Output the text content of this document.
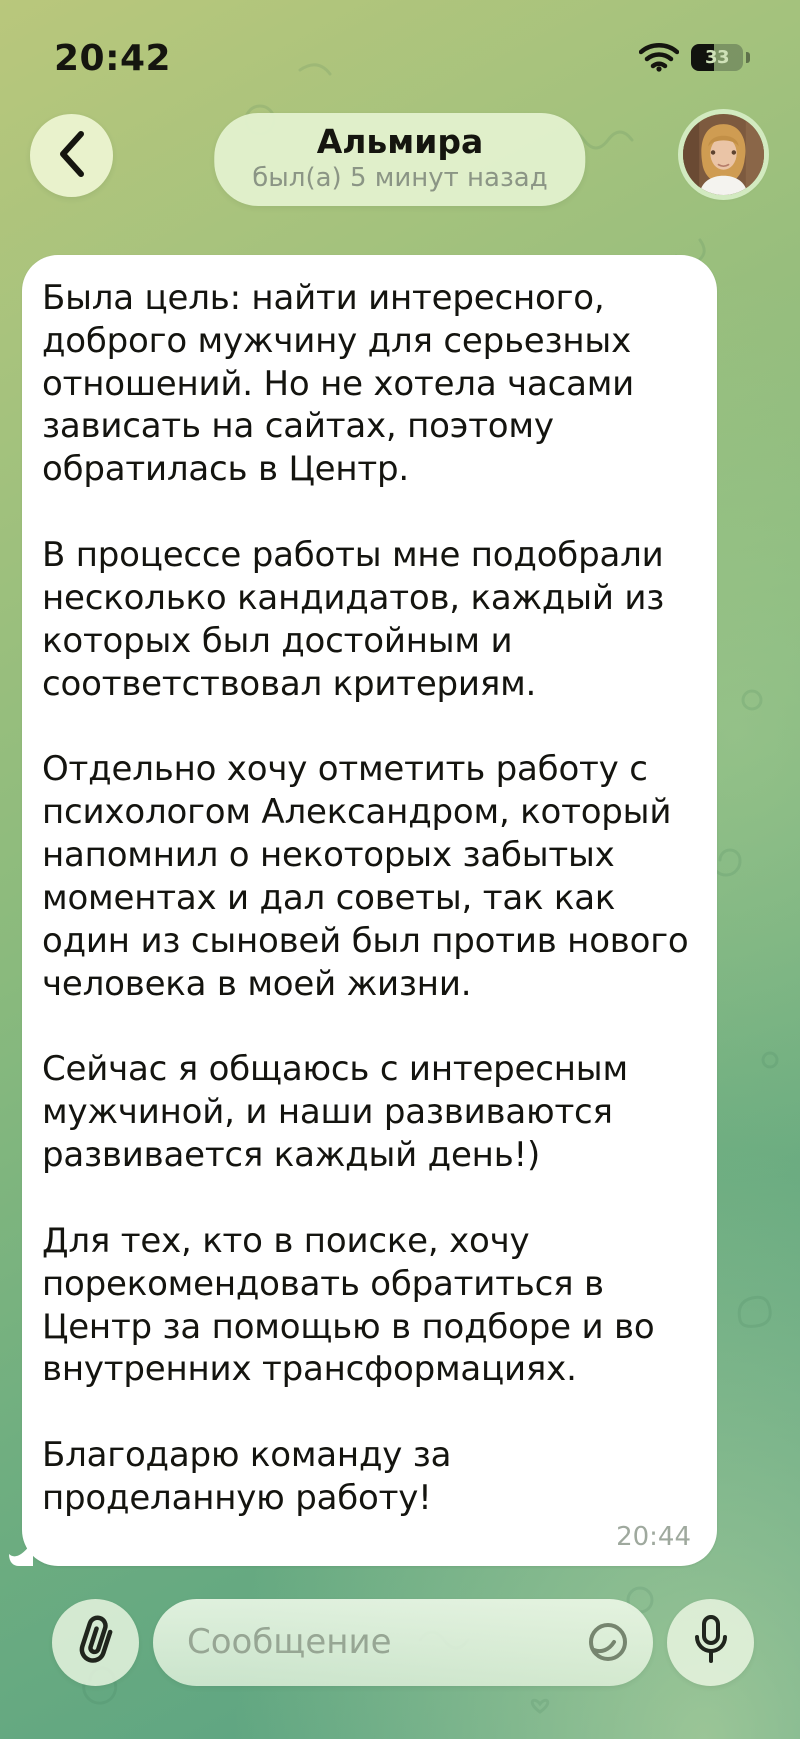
20:42	33
Альмира
был(а) 5 минут назад

Была цель: найти интересного, доброго мужчину для серьезных отношений. Но не хотела часами зависать на сайтах, поэтому обратилась в Центр.

В процессе работы мне подобрали несколько кандидатов, каждый из которых был достойным и соответствовал критериям.

Отдельно хочу отметить работу с психологом Александром, который напомнил о некоторых забытых моментах и дал советы, так как один из сыновей был против нового человека в моей жизни.

Сейчас я общаюсь с интересным мужчиной, и наши развиваются развивается каждый день!)

Для тех, кто в поиске, хочу порекомендовать обратиться в Центр за помощью в подборе и во внутренних трансформациях.

Благодарю команду за проделанную работу!

20:44
Сообщение
